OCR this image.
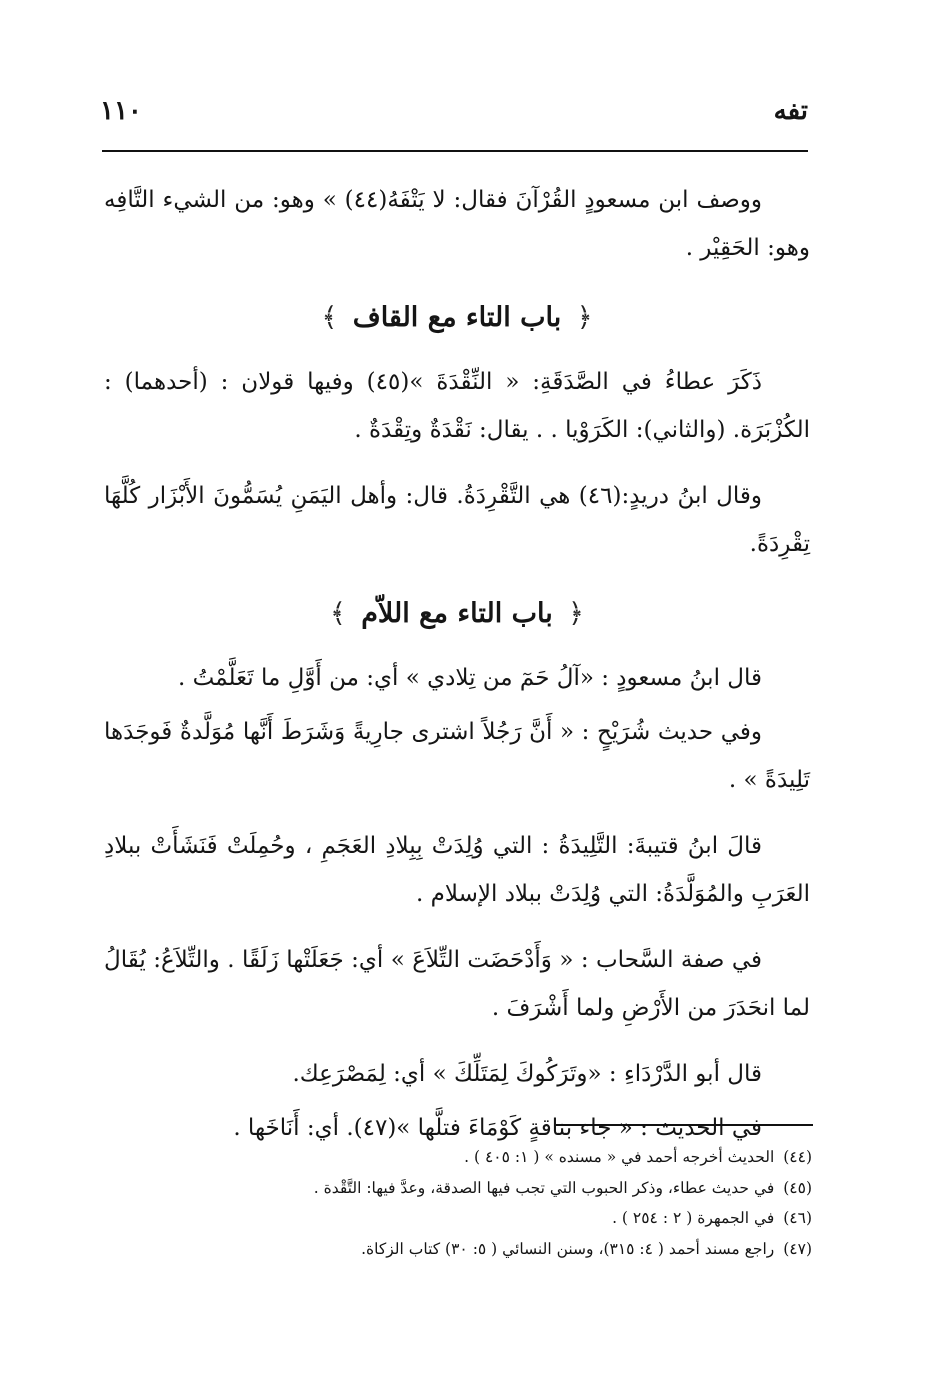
تفه
١١٠

ووصف ابن مسعودٍ القُرْآنَ فقال: لا يَتْفَهُ(٤٤) » وهو: من الشيء التَّافِه وهو: الحَقِيْر .

﴿ باب التاء مع القاف ﴾

ذَكَرَ عطاءُ في الصَّدَقَةِ: « النِّقْدَةَ »(٤٥) وفيها قولان : (أحدهما) : الكُزْبَرَة. (والثاني): الكَرَوْيا . . يقال: نَقْدَةٌ وتِقْدَةٌ .

وقال ابنُ دريدٍ:(٤٦) هي التَّقْرِدَةُ. قال: وأهل اليَمَنِ يُسَمُّونَ الأَبْزَار كُلَّهَا تِقْرِدَةً.

﴿ باب التاء مع اللاّم ﴾

قال ابنُ مسعودٍ : «آلُ حَمٓ من تِلادي » أي: من أَوَّلِ ما تَعَلَّمْتُ .

وفي حديث شُرَيْحٍ : « أَنَّ رَجُلاً اشترى جارِيةً وَشَرَطَ أَنَّها مُوَلَّدةٌ فَوجَدَها تَلِيدَةً » .

قالَ ابنُ قتيبةَ: التَّلِيدَةُ : التي وُلِدَتْ بِبِلادِ العَجَمِ ، وحُمِلَتْ فَنَشَأَتْ ببلادِ العَرَبِ والمُوَلَّدَةُ: التي وُلِدَتْ ببلاد الإسلام .

في صفة السَّحاب : « وَأَدْحَضَت التِّلاَعَ » أي: جَعَلَتْها زَلَقًا . والتِّلاَعُ: يُقَالُ لما انحَدَرَ من الأَرْضِ ولما أَشْرَفَ .

قال أبو الدَّرْدَاءِ : «وتَرَكُوكَ لِمَتَلِّكَ » أي: لِمَصْرَعِك.

في الحديث : « جاء بناقةٍ كَوْمَاءَ فتلَّها »(٤٧). أي: أَنَاخَها .

(٤٤) الحديث أخرجه أحمد في « مسنده » ( ١: ٤٠٥ ) .

(٤٥) في حديث عطاء، وذكر الحبوب التي تجب فيها الصدقة، وعدَّ فيها: التَّقْدة .

(٤٦) في الجمهرة ( ٢ : ٢٥٤ ) .

(٤٧) راجع مسند أحمد ( ٤: ٣١٥)، وسنن النسائي ( ٥: ٣٠) كتاب الزكاة.
